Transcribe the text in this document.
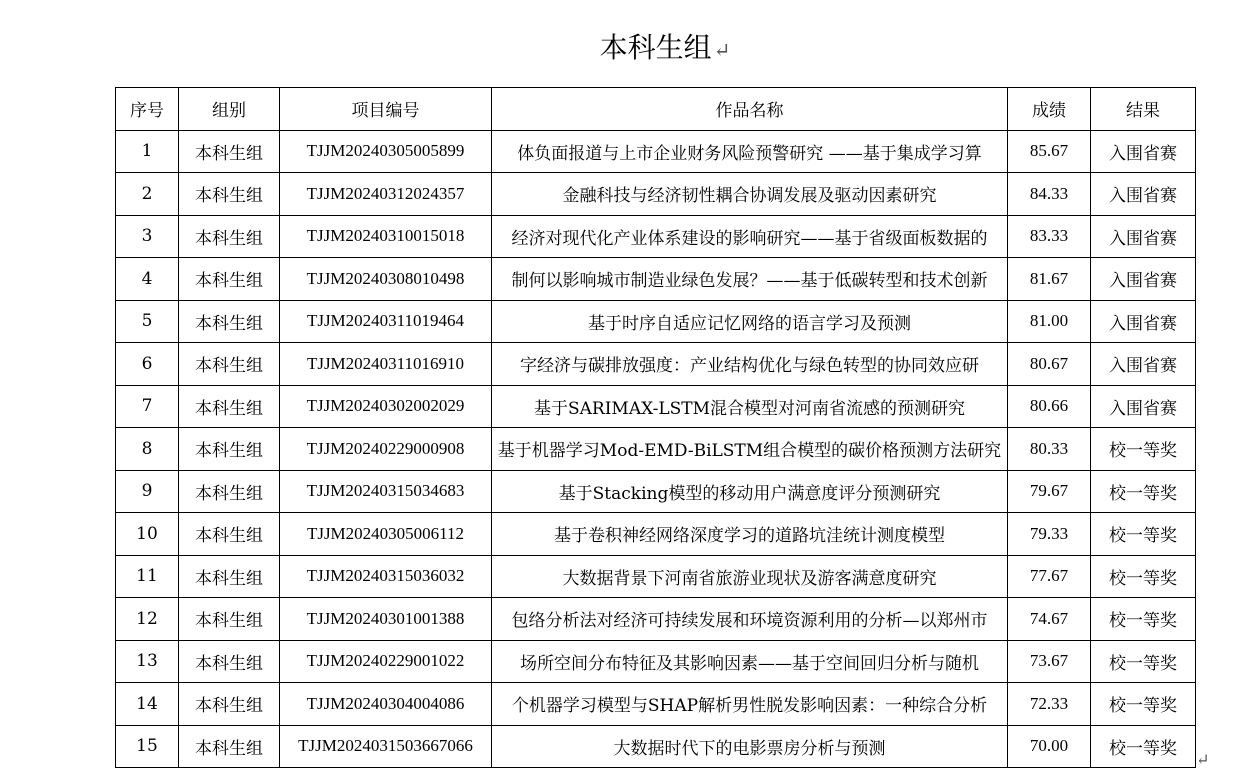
本科生组 ↵
序号	组别	项目编号	作品名称	成绩	结果
1	本科生组	TJJM20240305005899	体负面报道与上市企业财务风险预警研究 ——基于集成学习算	85.67	入围省赛
2	本科生组	TJJM20240312024357	金融科技与经济韧性耦合协调发展及驱动因素研究	84.33	入围省赛
3	本科生组	TJJM20240310015018	经济对现代化产业体系建设的影响研究——基于省级面板数据的	83.33	入围省赛
4	本科生组	TJJM20240308010498	制何以影响城市制造业绿色发展？——基于低碳转型和技术创新	81.67	入围省赛
5	本科生组	TJJM20240311019464	基于时序自适应记忆网络的语言学习及预测	81.00	入围省赛
6	本科生组	TJJM20240311016910	字经济与碳排放强度：产业结构优化与绿色转型的协同效应研	80.67	入围省赛
7	本科生组	TJJM20240302002029	基于SARIMAX-LSTM混合模型对河南省流感的预测研究	80.66	入围省赛
8	本科生组	TJJM20240229000908	基于机器学习Mod-EMD-BiLSTM组合模型的碳价格预测方法研究	80.33	校一等奖
9	本科生组	TJJM20240315034683	基于Stacking模型的移动用户满意度评分预测研究	79.67	校一等奖
10	本科生组	TJJM20240305006112	基于卷积神经网络深度学习的道路坑洼统计测度模型	79.33	校一等奖
11	本科生组	TJJM20240315036032	大数据背景下河南省旅游业现状及游客满意度研究	77.67	校一等奖
12	本科生组	TJJM20240301001388	包络分析法对经济可持续发展和环境资源利用的分析—以郑州市	74.67	校一等奖
13	本科生组	TJJM20240229001022	场所空间分布特征及其影响因素——基于空间回归分析与随机	73.67	校一等奖
14	本科生组	TJJM20240304004086	个机器学习模型与SHAP解析男性脱发影响因素：一种综合分析	72.33	校一等奖
15	本科生组	TJJM2024031503667066	大数据时代下的电影票房分析与预测	70.00	校一等奖
↵
